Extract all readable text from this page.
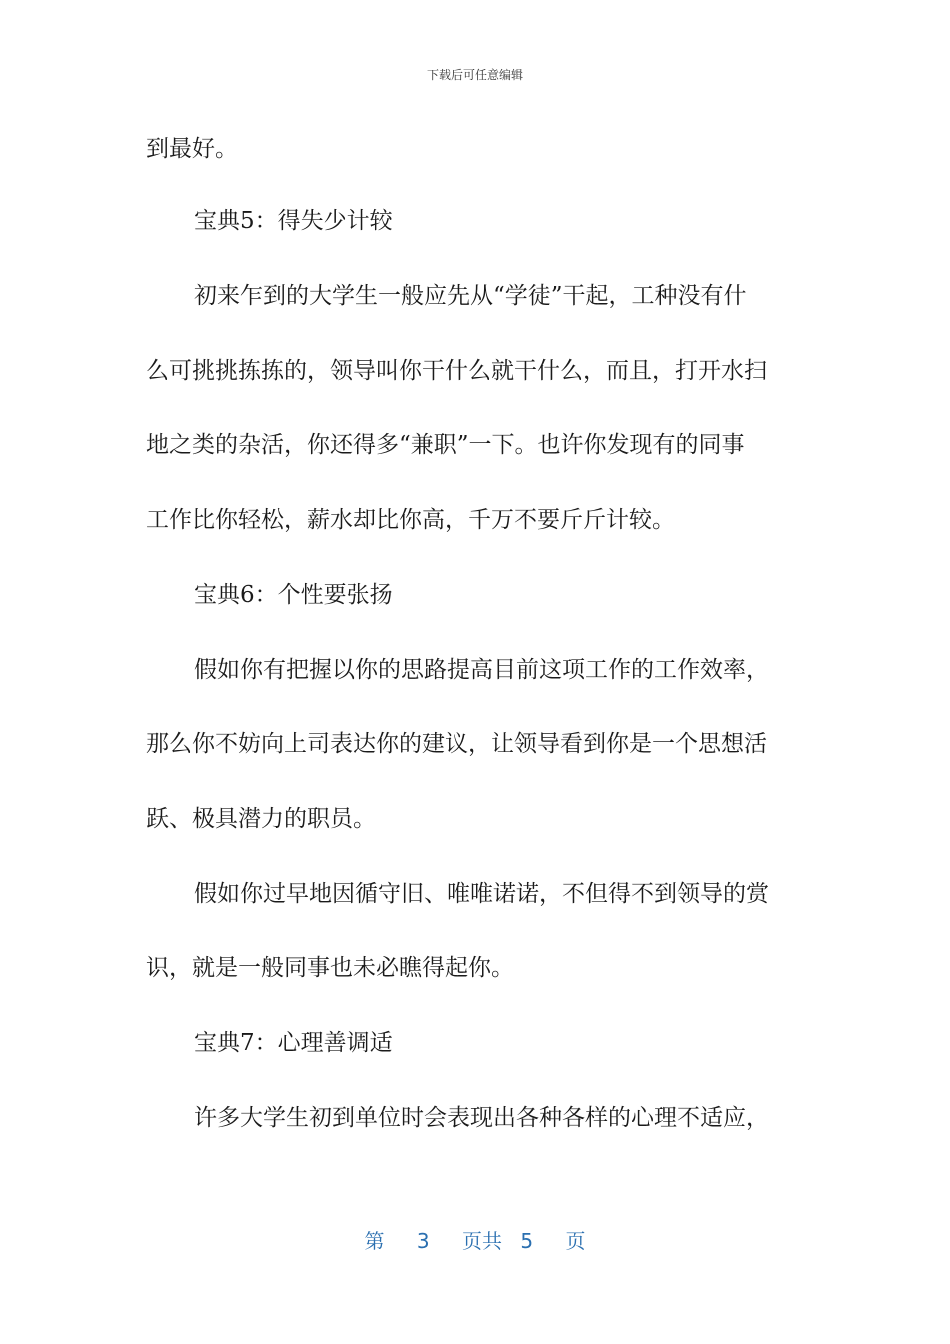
下载后可任意编辑
到最好。
宝典5：得失少计较
初来乍到的大学生一般应先从“学徒”干起，工种没有什
么可挑挑拣拣的，领导叫你干什么就干什么，而且，打开水扫
地之类的杂活，你还得多“兼职”一下。也许你发现有的同事
工作比你轻松，薪水却比你高，千万不要斤斤计较。
宝典6：个性要张扬
假如你有把握以你的思路提高目前这项工作的工作效率，
那么你不妨向上司表达你的建议，让领导看到你是一个思想活
跃、极具潜力的职员。
假如你过早地因循守旧、唯唯诺诺，不但得不到领导的赏
识，就是一般同事也未必瞧得起你。
宝典7：心理善调适
许多大学生初到单位时会表现出各种各样的心理不适应，
第 3 页共 5 页
